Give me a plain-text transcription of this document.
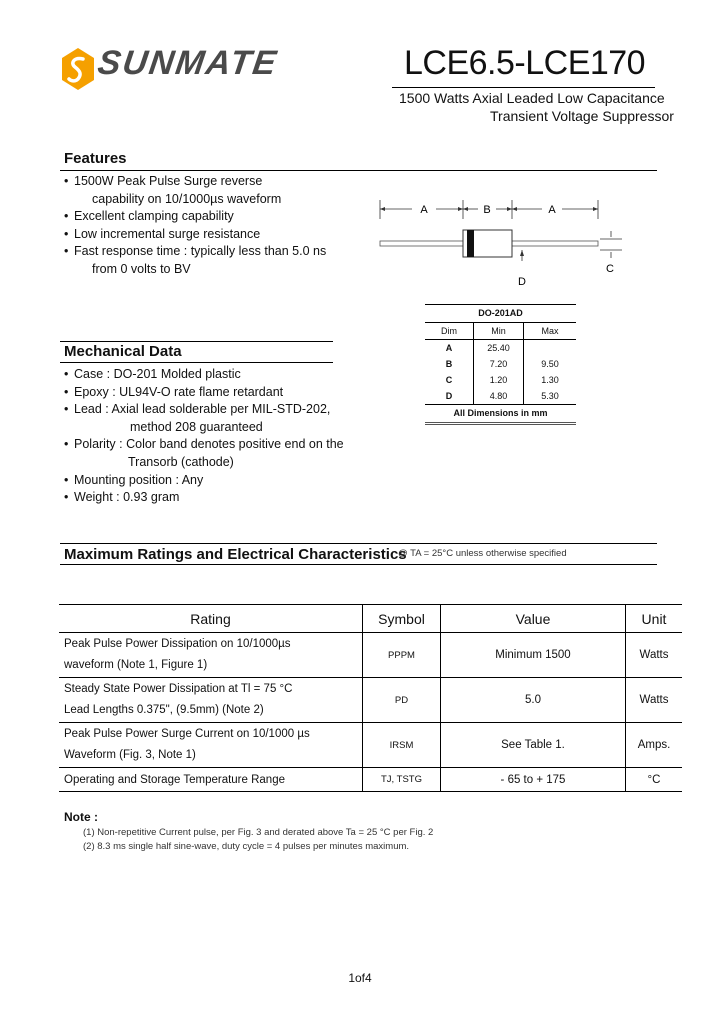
SUNMATE	LCE6.5-LCE170
1500 Watts Axial Leaded Low Capacitance
Transient Voltage Suppressor
Features
• 1500W Peak Pulse Surge reverse
capability on 10/1000µs waveform
• Excellent clamping capability
• Low incremental surge resistance
• Fast response time : typically less than 5.0 ns
from 0 volts to BV
A	B	A
C
D
DO-201AD
Dim	Min	Max
A	25.40	
B	7.20	9.50
C	1.20	1.30
D	4.80	5.30
All Dimensions in mm
Mechanical Data
• Case : DO-201 Molded plastic
• Epoxy : UL94V-O rate flame retardant
• Lead : Axial lead solderable per MIL-STD-202,
method 208 guaranteed
• Polarity : Color band denotes positive end on the
Transorb (cathode)
• Mounting position : Any
• Weight : 0.93 gram
Maximum Ratings and Electrical Characteristics
@ TA = 25°C unless otherwise specified
Rating	Symbol	Value	Unit

Peak Pulse Power Dissipation on 10/1000µs
waveform (Note 1, Figure 1)	PPPM	Minimum 1500	Watts

Steady State Power Dissipation at Tl = 75 °C
Lead Lengths 0.375", (9.5mm) (Note 2)	PD	5.0	Watts

Peak Pulse Power Surge Current on 10/1000 µs
Waveform (Fig. 3, Note 1)	IRSM	See Table 1.	Amps.

Operating and Storage Temperature Range	TJ, TSTG	- 65 to + 175	°C
Note :
(1) Non-repetitive Current pulse, per Fig. 3 and derated above Ta = 25 °C per Fig. 2
(2) 8.3 ms single half sine-wave, duty cycle = 4 pulses per minutes maximum.
1of4
